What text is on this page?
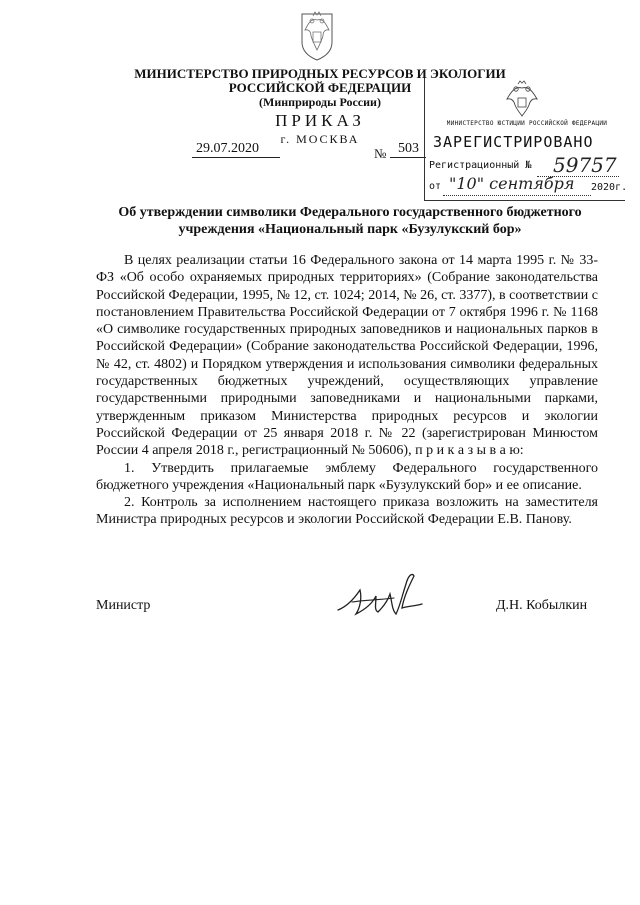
МИНИСТЕРСТВО ПРИРОДНЫХ РЕСУРСОВ И ЭКОЛОГИИ
РОССИЙСКОЙ ФЕДЕРАЦИИ
(Минприроды России)
ПРИКАЗ
г. МОСКВА
29.07.2020	№ 503
МИНИСТЕРСТВО ЮСТИЦИИ РОССИЙСКОЙ ФЕДЕРАЦИИ
ЗАРЕГИСТРИРОВАНО
Регистрационный № 59757
от "10" сентября 2020г.
Об утверждении символики Федерального государственного бюджетного
учреждения «Национальный парк «Бузулукский бор»

В целях реализации статьи 16 Федерального закона от 14 марта 1995 г. № 33-ФЗ «Об особо охраняемых природных территориях» (Собрание законодательства Российской Федерации, 1995, № 12, ст. 1024; 2014, № 26, ст. 3377), в соответствии с постановлением Правительства Российской Федерации от 7 октября 1996 г. № 1168 «О символике государственных природных заповедников и национальных парков в Российской Федерации» (Собрание законодательства Российской Федерации, 1996, № 42, ст. 4802) и Порядком утверждения и использования символики федеральных государственных бюджетных учреждений, осуществляющих управление государственными природными заповедниками и национальными парками, утвержденным приказом Министерства природных ресурсов и экологии Российской Федерации от 25 января 2018 г. № 22 (зарегистрирован Минюстом России 4 апреля 2018 г., регистрационный № 50606), п р и к а з ы в а ю:

1. Утвердить прилагаемые эмблему Федерального государственного бюджетного учреждения «Национальный парк «Бузулукский бор» и ее описание.

2. Контроль за исполнением настоящего приказа возложить на заместителя Министра природных ресурсов и экологии Российской Федерации Е.В. Панову.

Министр	Д.Н. Кобылкин
